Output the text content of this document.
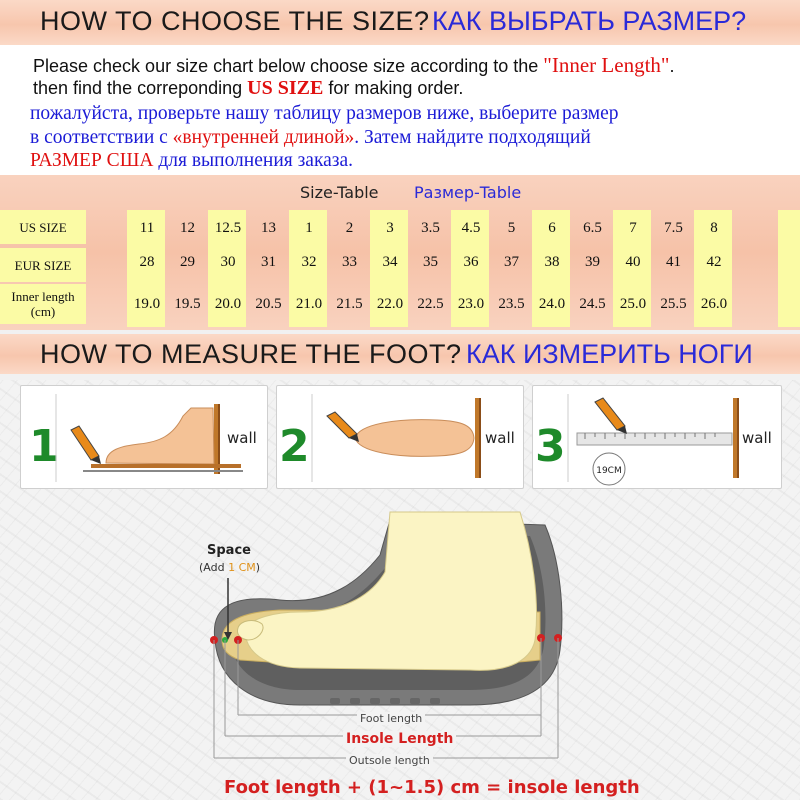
HOW TO CHOOSE THE SIZE? КАК ВЫБРАТЬ РАЗМЕР?
Please check our size chart below choose size according to the "Inner Length".
then find the correponding US SIZE for making order.
пожалуйста, проверьте нашу таблицу размеров ниже, выберите размер
в соответствии с «внутренней длиной». Затем найдите подходящий
РАЗМЕР США для выполнения заказа.
Size-Table Размер-Table
US SIZE
EUR SIZE
Inner length (cm)
11	12	12.5	13	1	2	3	3.5	4.5	5	6	6.5	7	7.5	8
28	29	30	31	32	33	34	35	36	37	38	39	40	41	42
19.0 19.5 20.0 20.5 21.0 21.5 22.0 22.5 23.0 23.5 24.0 24.5 25.0 25.5 26.0
HOW TO MEASURE THE FOOT? КАК ИЗМЕРИТЬ НОГИ
1	wall 2	wall 3	19CM
wall
Space
(Add 1 CM)
Foot length
Insole Length
Outsole length
Foot length + (1~1.5) cm = insole length
